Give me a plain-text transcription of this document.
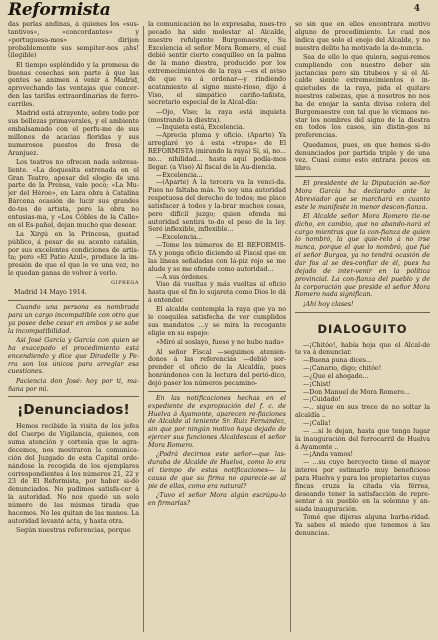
Reformista	4

das perlas andinas, á quienes los «sus-tantivos», «concordantes» y «portuguesa-mos» dirijen probablemente sus sempiter-nos ¡ahs! (ilegible)

El tiempo espléndido y la promesa de buenas cosechas son parte á que las gentes se animen á venir á Madrid, aprovechando las ventajas que concer-den las tarifas extraordinarias de ferro-carriles.

Madrid está atrayente, sobre todo por sus bellezas primaverales, y el ambiente embalsamado con el perfu-me de sus millones de acacias floridas y sus numerosos puestos de fresa de Aranjuez.

Los teatros no ofrecen nada sobresa-liente. «La doquesita estrenada en el Gran Teatro, apesar del elogio de una parte de la Prensa, vale poco; «La Mu-jer del Héroe», en Lara obra á Catalina Bárcena ocasión de lucir sus grandes do-tes de artista, pero la obra no entusias-ma, y «Los Cóbles de la Calle» en el Es-pañol, dejan mucho que desear.

La Xirgú en la Princesa, gustad público, á pesar de su acento catalán, por sus excelentes condiciones de artis-ta; pero «El Patio Azul», produce la im-presión de que el que le ve una vez, no le quedan ganas de volver á verlo.

GIPREGA

Madrid 14 Mayo 1914.

Cuando una persona es nombrada para un cargo incompatible con otro que ya posee debe cesar en ambos y se sabe la incompatibilidad.

Asi José García y García con quien se ha exacepado el procedimiento está encendiendo y dice que Diradelle y Pe-rra son los únicos para arreglar esa cuestiones.

Paciencia don José: hoy por ti, ma-ñana por mi.

¡Denunciados!

Hemos recibido la visita de los jefes del Cuerpo de Vigilancia, quienes, con suma atención y cortesía que le agra-decemos, nos mostraron la comunica-ción del Juzgado de esta Capital orde-nándose la recogida de los ejemplares correspondientes á los números 21, 22 y 23 de El Reformista, por haber si-do denunciados. No pudimos satisfa-cer á la autoridad. No nos quedó un solo número de las mismas tirada que hacemos. No les quitan de las manos. La autoridad levantó acta, y hasta otra.

Según nuestras referencias, porque

la comunicación no lo expresaba, nues-tro pecado ha sido molestar al Alcalde, nuestro refulgente Burgomaestre, Su Excelencia el señor Mora Romero, el cual debió sentir cierto cosquilleo en la palma de la mano diestra, producido por los extremecimientos de la raya —es el aviso de que va á ordenar—y rindiendo acatamiento al signo miste-rioso, dijo á Viso, el simpático cariño-tañista, secretario especial de la Alcal-día:

—Ojo, Viso; la raya está inquieta (mostrando la diestra).

—Inquieta está, Excelencia.

—Aprecia pluma y oficio. (Aparte) Ya arreglaré yo á esta «tropa» de El REFORMISTA (mirando la raya) Si, si, no... no... nihilidad... hasta aquí podía-mos llegar. (a Viso) Al fiscal de la Au-diencia.

—Excelencia...

—(Aparte) A la tercera va la venci-da. Pues no faltaba más. Yo soy una autoridad respetuosa del derecho de todos; me place satisfacer á todos y la-brar muchos cosas, pero difícil juzgo; quien ofenda mi autoridad sentirá to-do el peso de la ley. Seré inflexible, inflexible...

—Excelencia...

—Tome los números de El REFORMIS-TA y ponga oficio diciendo al Fiscal que en las líneas señaladas con lá-piz rojo se me alude y se me ofende como autoridad...

—A sus órdenes.

Viso dá vueltas y más vueltas al oficio hasta que el fin lo sujareta como Dios le dá á entender.

El alcalde contempla la raya que ya no le cosquilea satisfecha de ver cumplidos sus mandatos ...y se mira la recogante eligie en su espejo:

«Miró al soslayo, fuese y no hubo nada»

Al señor Fiscal —seguimos atenien-donos á las referencias —debió sor-prender el oficio de la Alcaldía, pues honrándonos con la lectura del perió-dico, dejó paser los números pecamino-

En las notificaciones hechas en el expediente de expropiación del f. c. de Huelva á Ayamonte, aparecen re-fiaciones de Alcalde al teniente Sr. Ruiz Fernández, sin que por ningún motivo haya dejado de ejercer sus funciones Alcaldescas el señor Mora Romero.

¿Podrá decirnos este señor—que las-duraba de Alcalde de Huelva, como lo era el tiempo de estas notificaciones— la causa de que su firma no aparecie-se al pie de ellas, como era natural?

¿Tuvo el señor Mora algún escrúpu-lo en firmarlas?

so sin que en ellos encontrara motivo alguno de procedimiento. Lo cual nos indica que solo el enojo del Alcalde, y no nuestra delito ha motivado la de-nuncia.

Sea de ello lo que quiera, segui-remos cumpliendo con nuestro deber sin jactancias pero sin titubeos y si el Al-calde siente extremecimientos ó in-quietudes de la raya, pida el quitare nuestros cabezas, que á nosotros no nos ha de enojar la santa divisa colera del Burgomaestre con tal que le vicmaos ne-star los nombres del signo de la diestra en todos los casos, sin distin-gos ni preferencias.

Quedamos, pues, en que hemos si-do denunciados por partida triple y de una vez. Cuasi como esto entrara pocos en libro.

El presidente de la Diputación se-ñor Mora García ha declarado ante la Abreviador que se marchará en cuanto este le manifeste in menor descon-fianza.

El Alcalde señor Mora Romero tie-ne dicho, en cambio, que no abando-nará el cargo mientras que la con-fianza de quien lo nombró, la que quie-relo á no irse nunca, porque el que lo nombró, que fué el señor Burgos, ya no tendrá ocasión de dar fos al se des-confiar de él, pues ha dejado de inter-venir en la política provincial. La con-fianza del pueblo y de la corporación que preside el señor Mora Romero nada significan.

¡Ahí hoy clases!

DIALOGUITO

—¡Chitóo!, había hoja que el Alcal-de te va á denunciar.

—Buena puna dices...

—¡Canario, digo; chitóo!

—¿Que el ahogado...

—¡Chist!

—Don Manuel de Mora Romero...

—¡Cuidado!

—.. sigue en sus trece de no soltar la alcaldía ..

—¡Calla!

— ...si le dejan, hasta que tenga lugar la inauguración del ferrocarril de Huelva á Ayamonte ..

—¡Anda vamos!

— ...su cuyo hercyecto tiene el mayor interes por estimarlo muy beneficioso para Huelva y para los propietarios cuyas fincas cruza la citada vía férrea, deseando tener la satisfacción de repre-sentar á su pueblo en la solemne y an-siada inauguración.

Tomé que dijeras alguna barba-ridad. Ya sabes el miedo que tenemos á las denuncias.
